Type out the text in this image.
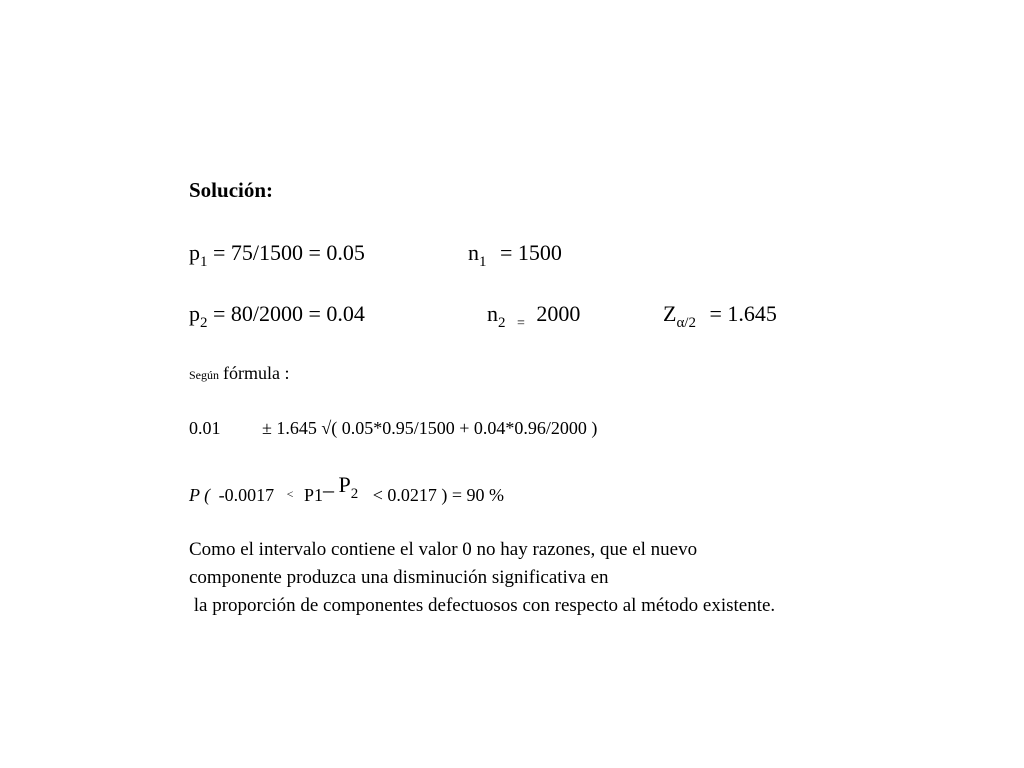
Solución:
$p_1 = 75/1500 = 0.05$	$n_1 = 1500$
$p_2 = 80/2000 = 0.04$	$n_2$ $_=$ 2000	$Z_{\alpha/2} = 1.645$
Según fórmula :
0.01 ± 1.645 √( 0.05*0.95/1500 + 0.04*0.96/2000 )
P ( -0.0017 < P1– P2 < 0.0217 ) = 90 %
Como el intervalo contiene el valor 0 no hay razones, que el nuevo
componente produzca una disminución significativa en
la proporción de componentes defectuosos con respecto al método existente.
